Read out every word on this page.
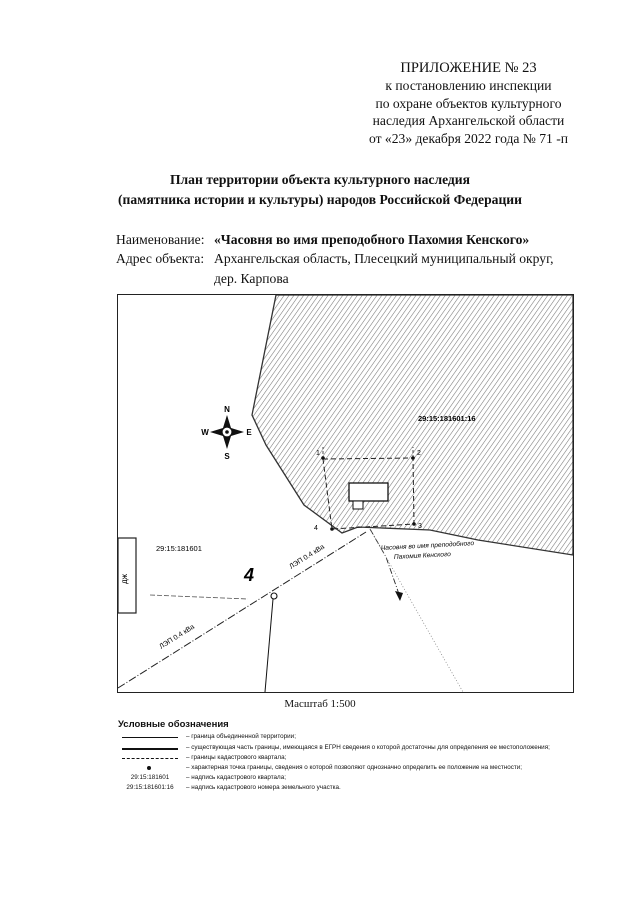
ПРИЛОЖЕНИЕ № 23
к постановлению инспекции
по охране объектов культурного
наследия Архангельской области
от «23» декабря 2022 года № 71 -п
План территории объекта культурного наследия
(памятника истории и культуры) народов Российской Федерации
Наименование: «Часовня во имя преподобного Пахомия Кенского»
Адрес объекта: Архангельская область, Плесецкий муниципальный округ,
дер. Карпова
дж
N
S
W	E
29:15:181601:16
1	2
3
4
Часовня во имя преподобного
Пахомия Кенского
29:15:181601	ЛЭП 0.4 кВа
ЛЭП 0.4 кВа
4
Масштаб 1:500
Условные обозначения
– граница объединенной территории;
– существующая часть границы, имеющаяся в ЕГРН сведения о которой достаточны для определения ее местоположения;
– границы кадастрового квартала;
– характерная точка границы, сведения о которой позволяют однозначно определить ее положение на местности;
29:15:181601	– надпись кадастрового квартала;
29:15:181601:16	– надпись кадастрового номера земельного участка.
